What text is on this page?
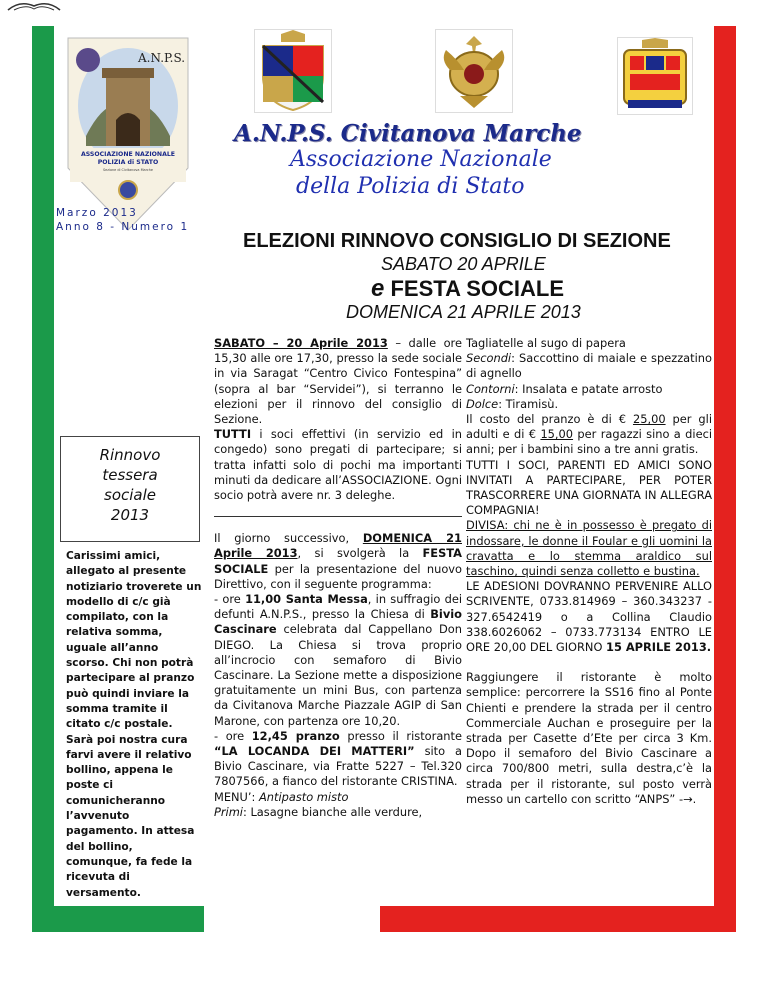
A.N.P.S.
ASSOCIAZIONE NAZIONALE
POLIZIA di STATO
Sezione di Civitanova Marche
A.N.P.S. Civitanova Marche
Associazione Nazionale
della Polizia di Stato
Marzo 2013
Anno 8 - Numero 1
ELEZIONI RINNOVO CONSIGLIO DI SEZIONE
SABATO 20 APRILE
e FESTA SOCIALE
DOMENICA 21 APRILE 2013
Rinnovo
tessera
sociale
2013
Carissimi amici, allegato al presente notiziario troverete un modello di c/c già compilato, con la relativa somma, uguale all’anno scorso. Chi non potrà partecipare al pranzo può quindi inviare la somma tramite il citato c/c postale. Sarà poi nostra cura farvi avere il relativo bollino, appena le poste ci comunicheranno l’avvenuto pagamento. In attesa del bollino, comunque, fa fede la ricevuta di versamento.

SABATO – 20 Aprile 2013 – dalle ore 15,30 alle ore 17,30, presso la sede sociale in via Saragat “Centro Civico Fontespina” (sopra al bar “Servidei”), si terranno le elezioni per il rinnovo del consiglio di Sezione.

TUTTI i soci effettivi (in servizio ed in congedo) sono pregati di partecipare; si tratta infatti solo di pochi ma importanti minuti da dedicare all’ASSOCIAZIONE. Ogni socio potrà avere nr. 3 deleghe.

Il giorno successivo, DOMENICA 21 Aprile 2013, si svolgerà la FESTA SOCIALE per la presentazione del nuovo Direttivo, con il seguente programma:

- ore 11,00 Santa Messa, in suffragio dei defunti A.N.P.S., presso la Chiesa di Bivio Cascinare celebrata dal Cappellano Don DIEGO. La Chiesa si trova proprio all’incrocio con semaforo di Bivio Cascinare. La Sezione mette a disposizione gratuitamente un mini Bus, con partenza da Civitanova Marche Piazzale AGIP di San Marone, con partenza ore 10,20.

- ore 12,45 pranzo presso il ristorante “LA LOCANDA DEI MATTERI” sito a Bivio Cascinare, via Fratte 5227 – Tel.320 7807566, a fianco del ristorante CRISTINA.

MENU’: Antipasto misto

Primi: Lasagne bianche alle verdure,

Tagliatelle al sugo di papera

Secondi: Saccottino di maiale e spezzatino di agnello

Contorni: Insalata e patate arrosto

Dolce: Tiramisù.

Il costo del pranzo è di € 25,00 per gli adulti e di € 15,00 per ragazzi sino a dieci anni; per i bambini sino a tre anni gratis.

TUTTI I SOCI, PARENTI ED AMICI SONO INVITATI A PARTECIPARE, PER POTER TRASCORRERE UNA GIORNATA IN ALLEGRA COMPAGNIA!

DIVISA: chi ne è in possesso è pregato di indossare, le donne il Foular e gli uomini la cravatta e lo stemma araldico sul taschino, quindi senza colletto e bustina.

LE ADESIONI DOVRANNO PERVENIRE ALLO SCRIVENTE, 0733.814969 – 360.343237 - 327.6542419 o a Collina Claudio 338.6026062 – 0733.773134 ENTRO LE ORE 20,00 DEL GIORNO 15 APRILE 2013.

Raggiungere il ristorante è molto semplice: percorrere la SS16 fino al Ponte Chienti e prendere la strada per il centro Commerciale Auchan e proseguire per la strada per Casette d’Ete per circa 3 Km. Dopo il semaforo del Bivio Cascinare a circa 700/800 metri, sulla destra,c’è la strada per il ristorante, sul posto verrà messo un cartello con scritto “ANPS” -→.
